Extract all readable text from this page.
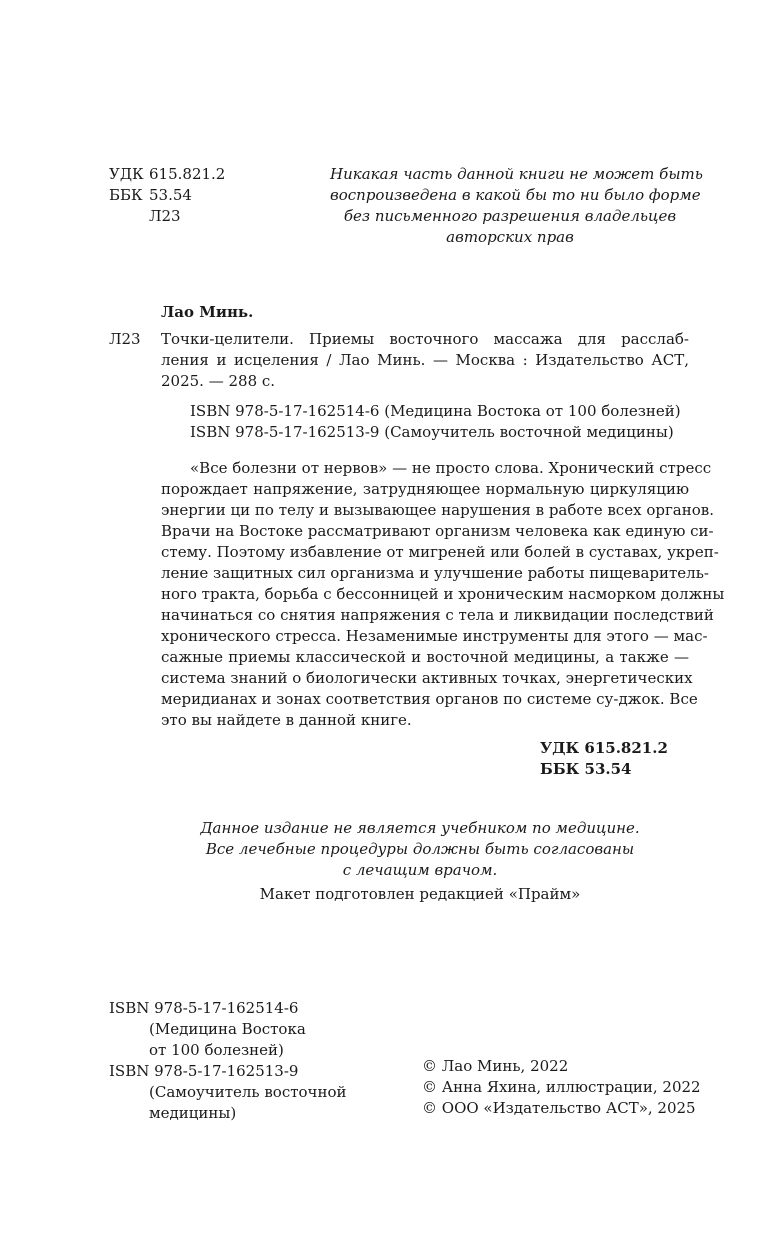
УДК 615.821.2
ББК 53.54
Л23
Никакая часть данной книги не может быть
воспроизведена в какой бы то ни было форме
без письменного разрешения владельцев
авторских прав
Лао Минь.
Л23 Точки-целители. Приемы восточного массажа для расслаб-
ления и исцеления / Лао Минь. — Москва : Издательство АСТ,
2025. — 288 с.
ISBN 978-5-17-162514-6 (Медицина Востока от 100 болезней)
ISBN 978-5-17-162513-9 (Самоучитель восточной медицины)
«Все болезни от нервов» — не просто слова. Хронический стресс
порождает напряжение, затрудняющее нормальную циркуляцию
энергии ци по телу и вызывающее нарушения в работе всех органов.
Врачи на Востоке рассматривают организм человека как единую си-
стему. Поэтому избавление от мигреней или болей в суставах, укреп-
ление защитных сил организма и улучшение работы пищеваритель-
ного тракта, борьба с бессонницей и хроническим насморком должны
начинаться со снятия напряжения с тела и ликвидации последствий
хронического стресса. Незаменимые инструменты для этого — мас-
сажные приемы классической и восточной медицины, а также —
система знаний о биологически активных точках, энергетических
меридианах и зонах соответствия органов по системе су-джок. Все
это вы найдете в данной книге.
УДК 615.821.2
ББК 53.54
Данное издание не является учебником по медицине.
Все лечебные процедуры должны быть согласованы
с лечащим врачом.
Макет подготовлен редакцией «Прайм»
ISBN 978-5-17-162514-6
(Медицина Востока
от 100 болезней)
ISBN 978-5-17-162513-9
(Самоучитель восточной
медицины)
© Лао Минь, 2022
© Анна Яхина, иллюстрации, 2022
© ООО «Издательство АСТ», 2025
